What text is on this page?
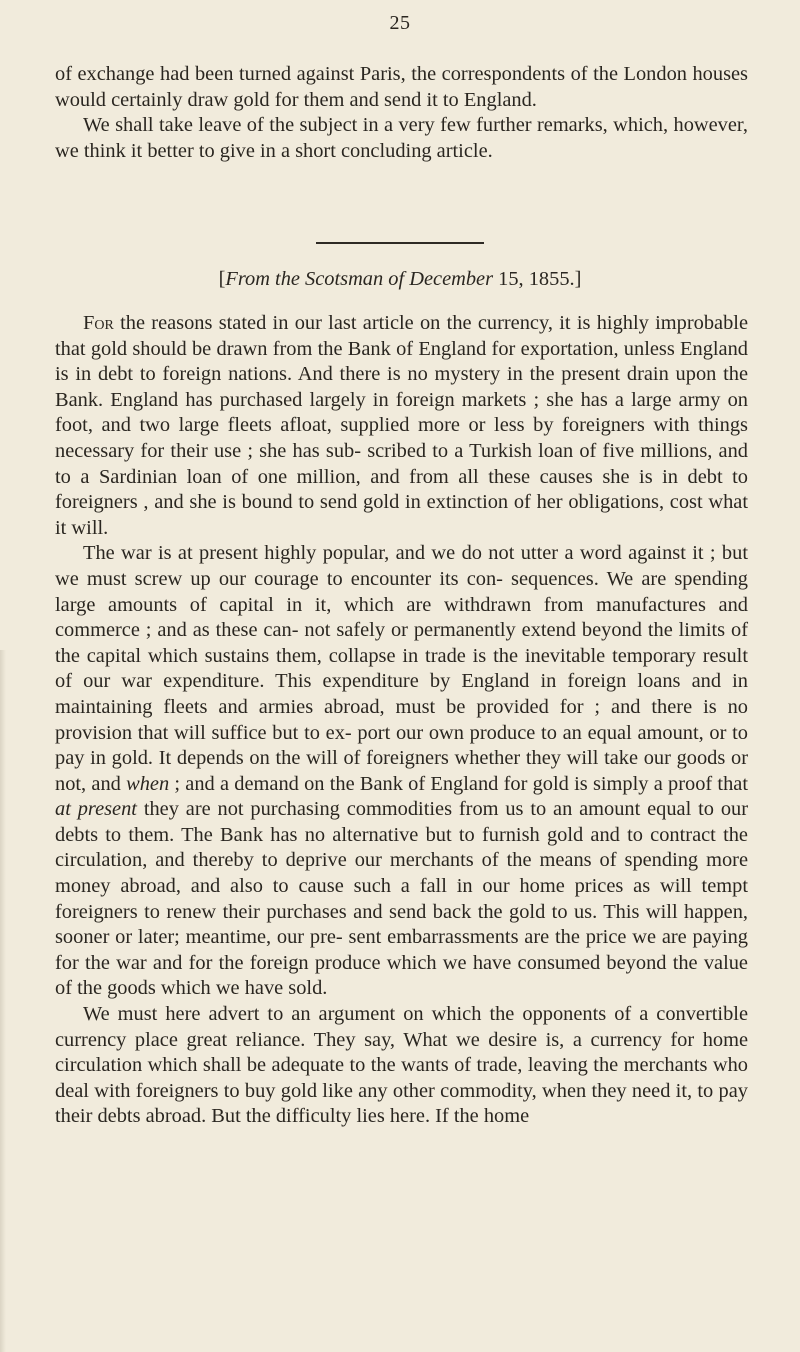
25

of exchange had been turned against Paris, the correspondents of the London houses would certainly draw gold for them and send it to England.

We shall take leave of the subject in a very few further remarks, which, however, we think it better to give in a short concluding article.

[From the Scotsman of December 15, 1855.]

For the reasons stated in our last article on the currency, it is highly improbable that gold should be drawn from the Bank of England for exportation, unless England is in debt to foreign nations. And there is no mystery in the present drain upon the Bank. England has purchased largely in foreign markets ; she has a large army on foot, and two large fleets afloat, supplied more or less by foreigners with things necessary for their use ; she has sub- scribed to a Turkish loan of five millions, and to a Sardinian loan of one million, and from all these causes she is in debt to foreigners , and she is bound to send gold in extinction of her obligations, cost what it will.

The war is at present highly popular, and we do not utter a word against it ; but we must screw up our courage to encounter its con- sequences. We are spending large amounts of capital in it, which are withdrawn from manufactures and commerce ; and as these can- not safely or permanently extend beyond the limits of the capital which sustains them, collapse in trade is the inevitable temporary result of our war expenditure. This expenditure by England in foreign loans and in maintaining fleets and armies abroad, must be provided for ; and there is no provision that will suffice but to ex- port our own produce to an equal amount, or to pay in gold. It depends on the will of foreigners whether they will take our goods or not, and when ; and a demand on the Bank of England for gold is simply a proof that at present they are not purchasing commodities from us to an amount equal to our debts to them. The Bank has no alternative but to furnish gold and to contract the circulation, and thereby to deprive our merchants of the means of spending more money abroad, and also to cause such a fall in our home prices as will tempt foreigners to renew their purchases and send back the gold to us. This will happen, sooner or later; meantime, our pre- sent embarrassments are the price we are paying for the war and for the foreign produce which we have consumed beyond the value of the goods which we have sold.

We must here advert to an argument on which the opponents of a convertible currency place great reliance. They say, What we desire is, a currency for home circulation which shall be adequate to the wants of trade, leaving the merchants who deal with foreigners to buy gold like any other commodity, when they need it, to pay their debts abroad. But the difficulty lies here. If the home
